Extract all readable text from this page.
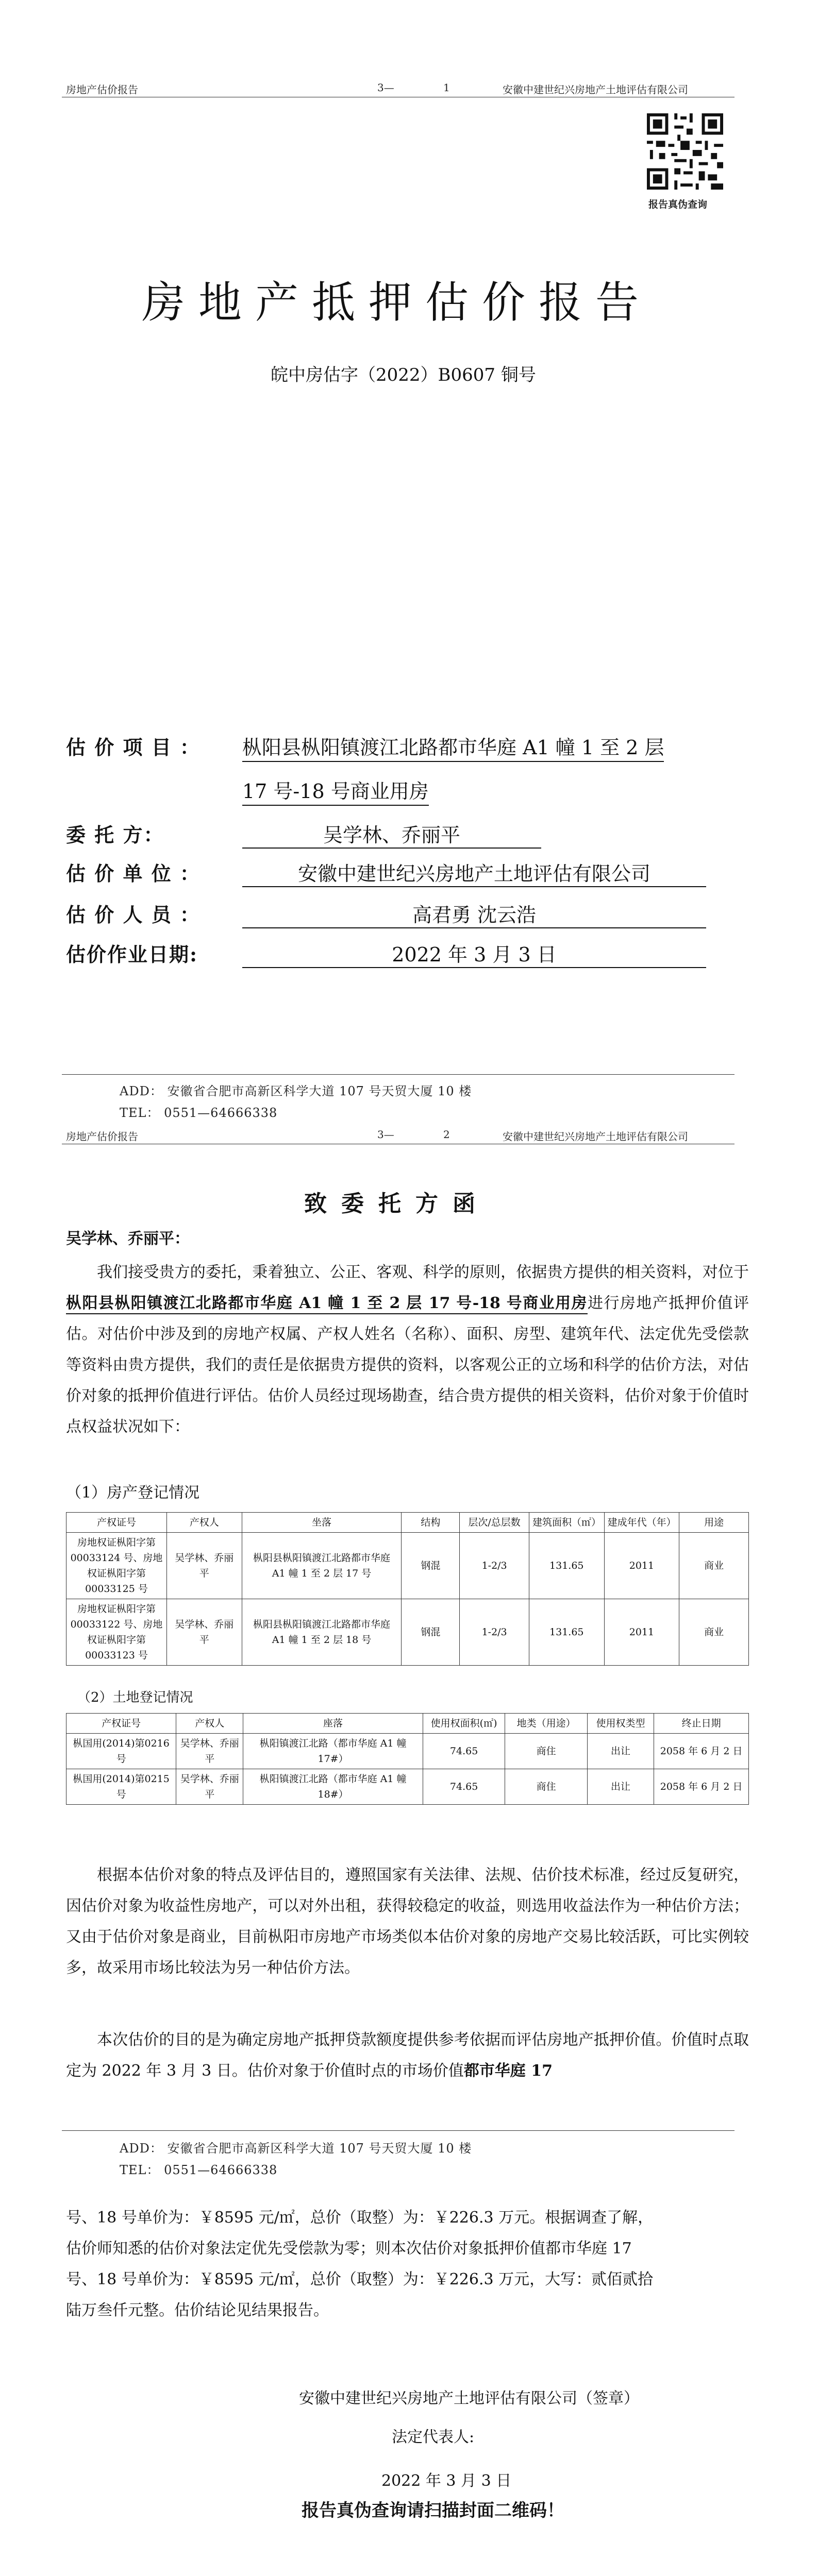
房地产估价报告	3—	1	安徽中建世纪兴房地产土地评估有限公司
报告真伪查询
房地产抵押估价报告
皖中房估字（2022）B0607 铜号
估 价 项 目 ： 枞阳县枞阳镇渡江北路都市华庭 A1 幢 1 至 2 层
17 号-18 号商业用房
委 托 方：	吴学林、乔丽平
估 价 单 位 ：	安徽中建世纪兴房地产土地评估有限公司
估 价 人 员 ：	高君勇 沈云浩
估价作业日期:	2022 年 3 月 3 日
ADD： 安徽省合肥市高新区科学大道 107 号天贸大厦 10 楼
TEL： 0551—64666338
房地产估价报告	3—	2	安徽中建世纪兴房地产土地评估有限公司
致委托方函
吴学林、乔丽平：
我们接受贵方的委托，秉着独立、公正、客观、科学的原则，依据贵方提供的相关资料，对位于枞阳县枞阳镇渡江北路都市华庭 A1 幢 1 至 2 层 17 号-18 号商业用房进行房地产抵押价值评估。对估价中涉及到的房地产权属、产权人姓名（名称）、面积、房型、建筑年代、法定优先受偿款等资料由贵方提供，我们的责任是依据贵方提供的资料，以客观公正的立场和科学的估价方法，对估价对象的抵押价值进行评估。估价人员经过现场勘查，结合贵方提供的相关资料，估价对象于价值时点权益状况如下：
（1）房产登记情况
产权证号	产权人	坐落	结构	层次/总层数	建筑面积（㎡）	建成年代（年）	用途
房地权证枞阳字第00033124 号、房地权证枞阳字第00033125 号	吴学林、乔丽平	枞阳县枞阳镇渡江北路都市华庭 A1 幢 1 至 2 层 17 号	钢混	1-2/3	131.65	2011	商业
房地权证枞阳字第00033122 号、房地权证枞阳字第00033123 号	吴学林、乔丽平	枞阳县枞阳镇渡江北路都市华庭 A1 幢 1 至 2 层 18 号	钢混	1-2/3	131.65	2011	商业
（2）土地登记情况
产权证号	产权人	座落	使用权面积(㎡)	地类（用途）	使用权类型	终止日期
枞国用(2014)第0216号	吴学林、乔丽平	枞阳镇渡江北路（都市华庭 A1 幢 17#）	74.65	商住	出让	2058 年 6 月 2 日
枞国用(2014)第0215号	吴学林、乔丽平	枞阳镇渡江北路（都市华庭 A1 幢 18#）	74.65	商住	出让	2058 年 6 月 2 日
根据本估价对象的特点及评估目的，遵照国家有关法律、法规、估价技术标准，经过反复研究，因估价对象为收益性房地产，可以对外出租，获得较稳定的收益，则选用收益法作为一种估价方法；又由于估价对象是商业，目前枞阳市房地产市场类似本估价对象的房地产交易比较活跃，可比实例较多，故采用市场比较法为另一种估价方法。
本次估价的目的是为确定房地产抵押贷款额度提供参考依据而评估房地产抵押价值。价值时点取定为 2022 年 3 月 3 日。估价对象于价值时点的市场价值都市华庭 17
ADD： 安徽省合肥市高新区科学大道 107 号天贸大厦 10 楼
TEL： 0551—64666338
号、18 号单价为：￥8595 元/㎡，总价（取整）为：￥226.3 万元。根据调查了解，
估价师知悉的估价对象法定优先受偿款为零；则本次估价对象抵押价值都市华庭 17
号、18 号单价为：￥8595 元/㎡，总价（取整）为：￥226.3 万元，大写：贰佰贰拾
陆万叁仟元整。估价结论见结果报告。
安徽中建世纪兴房地产土地评估有限公司（签章）
法定代表人:
2022 年 3 月 3 日
报告真伪查询请扫描封面二维码！
